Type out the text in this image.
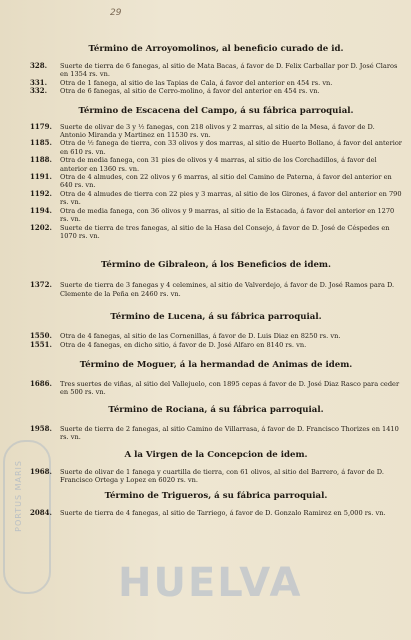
29
PORTUS MARIS

Término de Arroyomolinos, al beneficio curado de id.

328. Suerte de tierra de 6 fanegas, al sitio de Mata Bacas, á favor de D. Felix Carballar por D. José Claros en 1354 rs. vn.
331. Otra de 1 fanega, al sitio de las Tapias de Cala, á favor del anterior en 454 rs. vn.
332. Otra de 6 fanegas, al sitio de Cerro-molino, á favor del anterior en 454 rs. vn.

Término de Escacena del Campo, á su fábrica parroquial.

1179. Suerte de olivar de 3 y ½ fanegas, con 218 olivos y 2 marras, al sitio de la Mesa, á favor de D. Antonio Miranda y Martinez en 11530 rs. vn.
1185. Otra de ½ fanega de tierra, con 33 olivos y dos marras, al sitio de Huerto Bollano, á favor del anterior en 610 rs. vn.
1188. Otra de media fanega, con 31 pies de olivos y 4 marras, al sitio de los Corchadillos, á favor del anterior en 1360 rs. vn.
1191. Otra de 4 almudes, con 22 olivos y 6 marras, al sitio del Camino de Paterna, á favor del anterior en 640 rs. vn.
1192. Otra de 4 almudes de tierra con 22 pies y 3 marras, al sitio de los Girones, á favor del anterior en 790 rs. vn.
1194. Otra de media fanega, con 36 olivos y 9 marras, al sitio de la Estacada, á favor del anterior en 1270 rs. vn.
1202. Suerte de tierra de tres fanegas, al sitio de la Hasa del Consejo, á favor de D. José de Céspedes en 1070 rs. vn.

Término de Gibraleon, á los Beneficios de idem.

1372. Suerte de tierra de 3 fanegas y 4 celemines, al sitio de Valverdejo, á favor de D. José Ramos para D. Clemente de la Peña en 2460 rs. vn.

Término de Lucena, á su fábrica parroquial.

1550. Otra de 4 fanegas, al sitio de las Cornenillas, á favor de D. Luis Diaz en 8250 rs. vn.
1551. Otra de 4 fanegas, en dicho sitio, á favor de D. José Alfaro en 8140 rs. vn.

Término de Moguer, á la hermandad de Animas de idem.

1686. Tres suertes de viñas, al sitio del Vallejuelo, con 1895 cepas á favor de D. José Diaz Rasco para ceder en 500 rs. vn.

Término de Rociana, á su fábrica parroquial.

1958. Suerte de tierra de 2 fanegas, al sitio Camino de Villarrasa, á favor de D. Francisco Thorizes en 1410 rs. vn.

A la Virgen de la Concepcion de idem.

1968. Suerte de olivar de 1 fanega y cuartilla de tierra, con 61 olivos, al sitio del Barrero, á favor de D. Francisco Ortega y Lopez en 6020 rs. vn.

Término de Trigueros, á su fábrica parroquial.

2084. Suerte de tierra de 4 fanegas, al sitio de Tarriego, á favor de D. Gonzalo Ramirez en 5,000 rs. vn.
HUELVA
